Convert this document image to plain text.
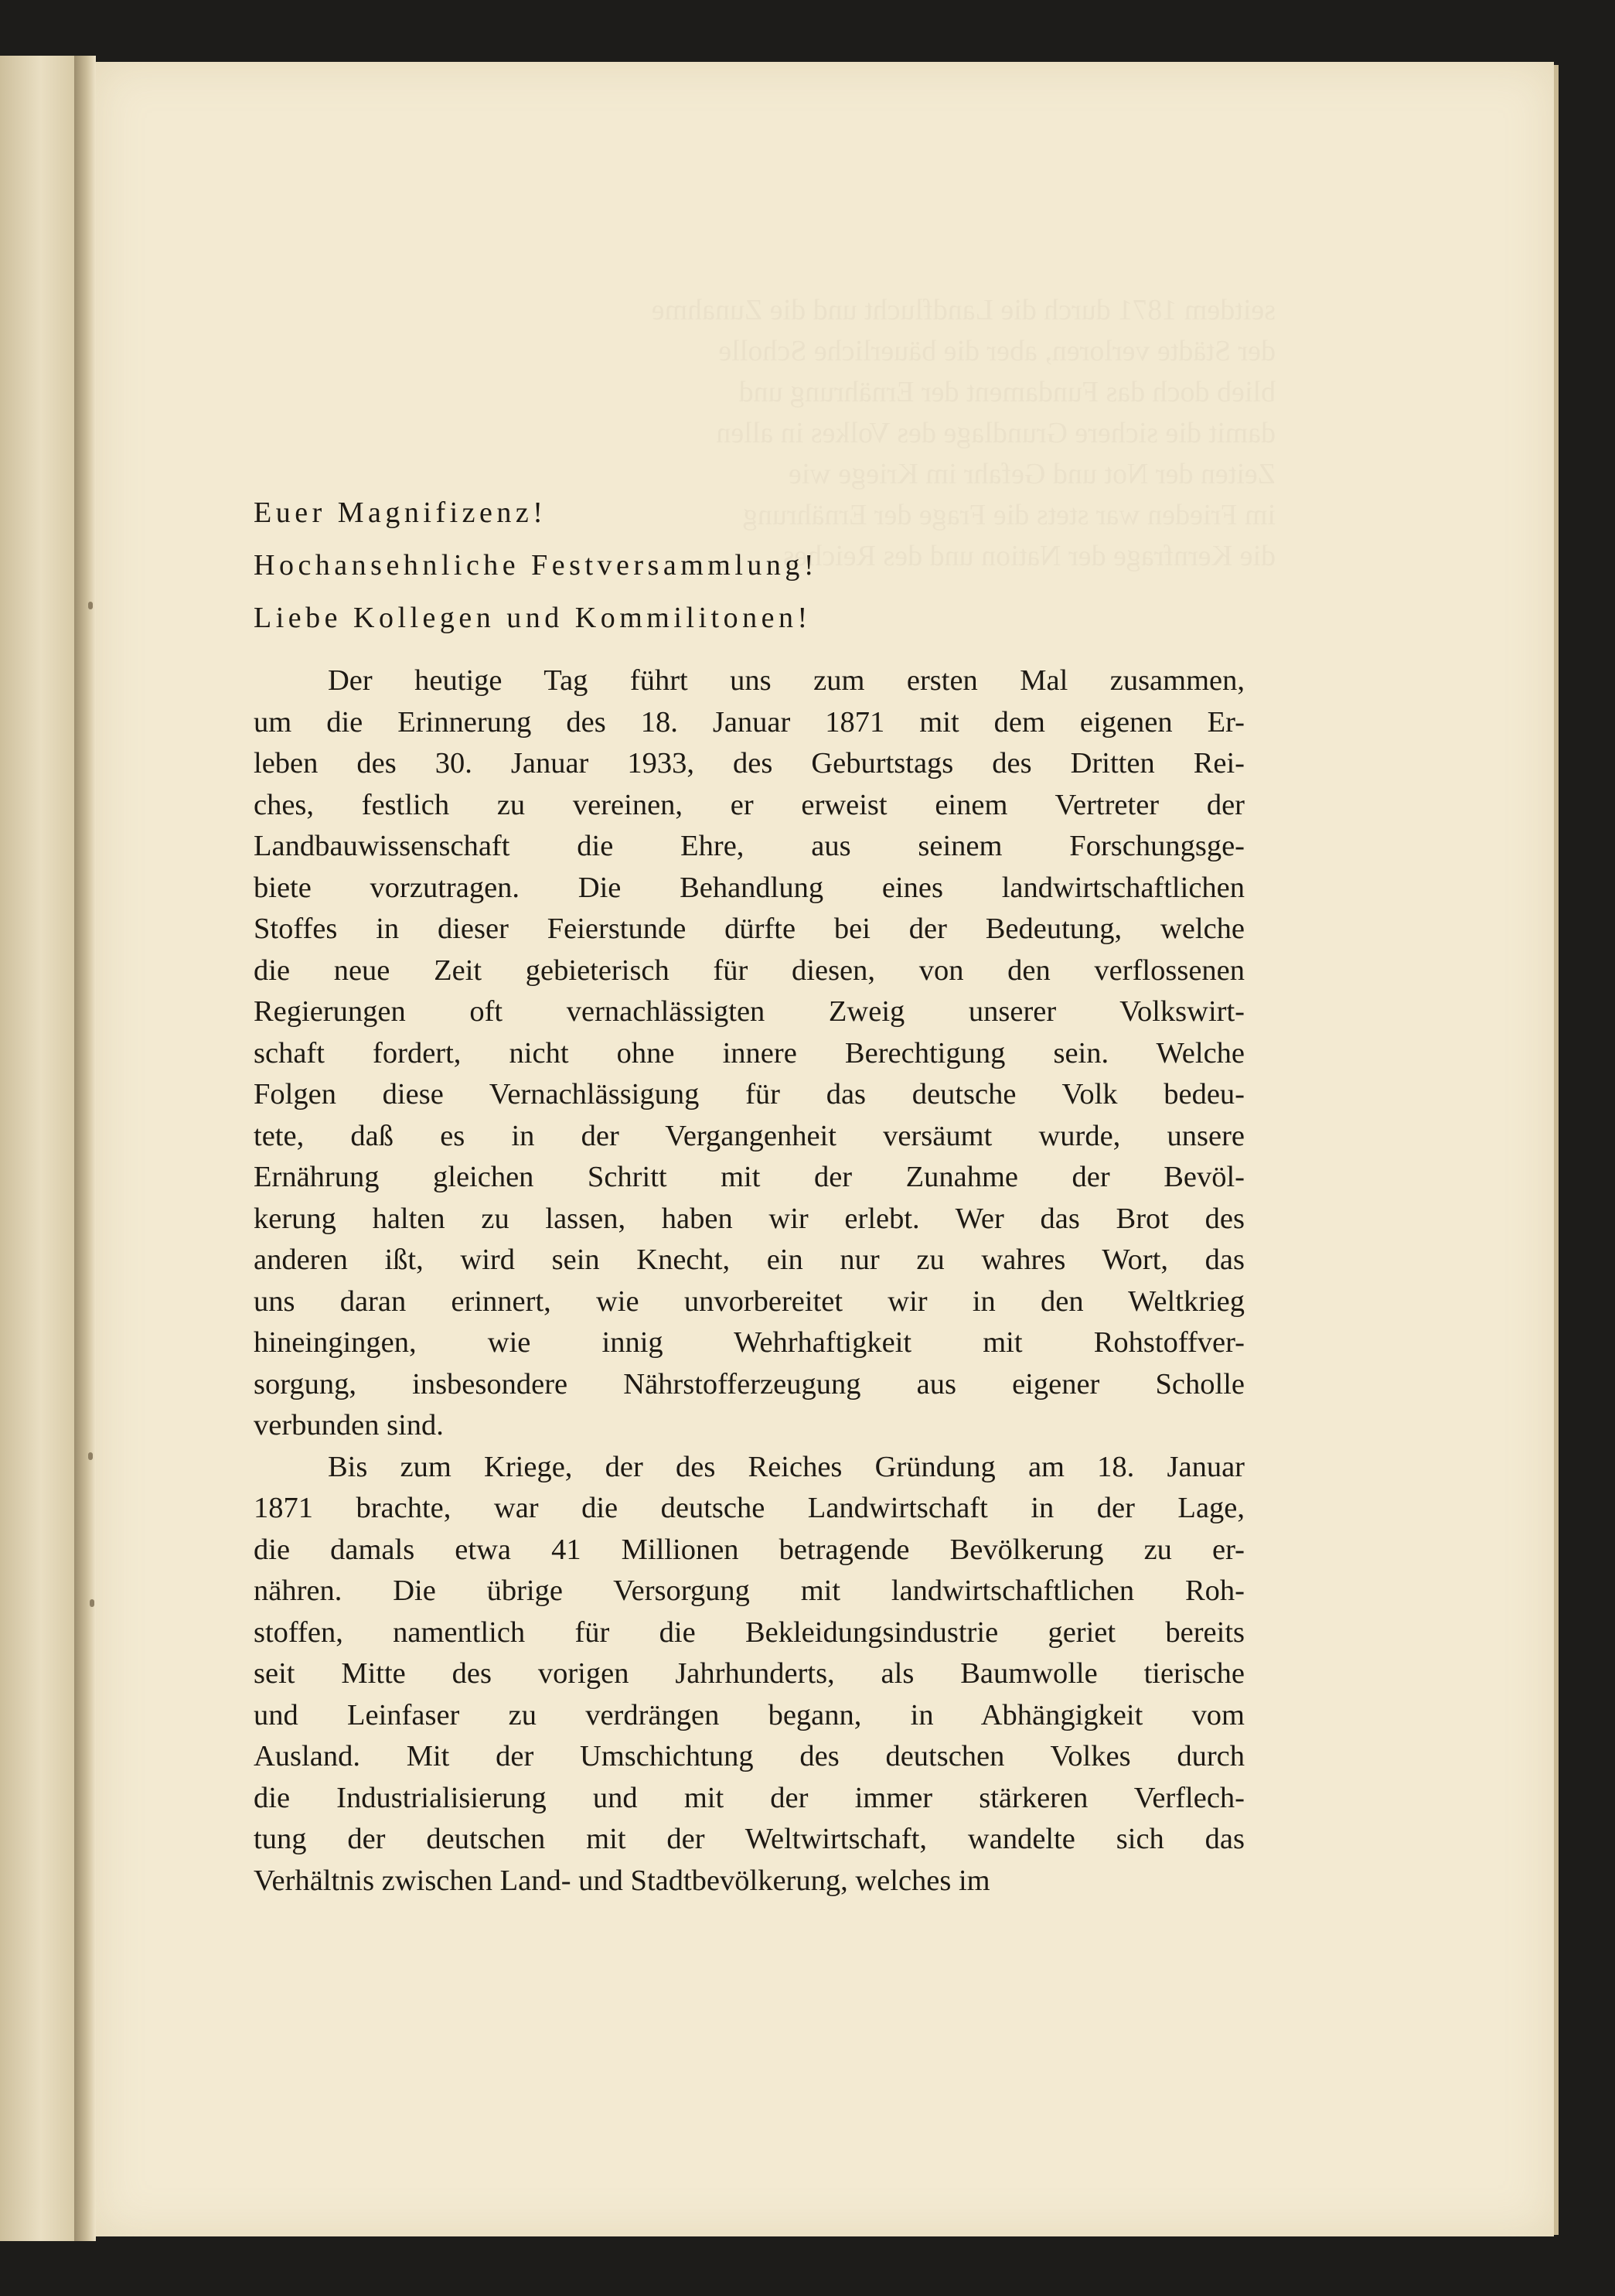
Euer Magnifizenz!
Hochansehnliche Festversammlung!
Liebe Kollegen und Kommilitonen!
Der heutige Tag führt uns zum ersten Mal zusammen,
um die Erinnerung des 18. Januar 1871 mit dem eigenen Er-
leben des 30. Januar 1933, des Geburtstags des Dritten Rei-
ches, festlich zu vereinen, er erweist einem Vertreter der
Landbauwissenschaft die Ehre, aus seinem Forschungsge-
biete vorzutragen. Die Behandlung eines landwirtschaftlichen
Stoffes in dieser Feierstunde dürfte bei der Bedeutung, welche
die neue Zeit gebieterisch für diesen, von den verflossenen
Regierungen oft vernachlässigten Zweig unserer Volkswirt-
schaft fordert, nicht ohne innere Berechtigung sein. Welche
Folgen diese Vernachlässigung für das deutsche Volk bedeu-
tete, daß es in der Vergangenheit versäumt wurde, unsere
Ernährung gleichen Schritt mit der Zunahme der Bevöl-
kerung halten zu lassen, haben wir erlebt. Wer das Brot des
anderen ißt, wird sein Knecht, ein nur zu wahres Wort, das
uns daran erinnert, wie unvorbereitet wir in den Weltkrieg
hineingingen, wie innig Wehrhaftigkeit mit Rohstoffver-
sorgung, insbesondere Nährstofferzeugung aus eigener Scholle
verbunden sind.
Bis zum Kriege, der des Reiches Gründung am 18. Januar
1871 brachte, war die deutsche Landwirtschaft in der Lage,
die damals etwa 41 Millionen betragende Bevölkerung zu er-
nähren. Die übrige Versorgung mit landwirtschaftlichen Roh-
stoffen, namentlich für die Bekleidungsindustrie geriet bereits
seit Mitte des vorigen Jahrhunderts, als Baumwolle tierische
und Leinfaser zu verdrängen begann, in Abhängigkeit vom
Ausland. Mit der Umschichtung des deutschen Volkes durch
die Industrialisierung und mit der immer stärkeren Verflech-
tung der deutschen mit der Weltwirtschaft, wandelte sich das
Verhältnis zwischen Land- und Stadtbevölkerung, welches im
